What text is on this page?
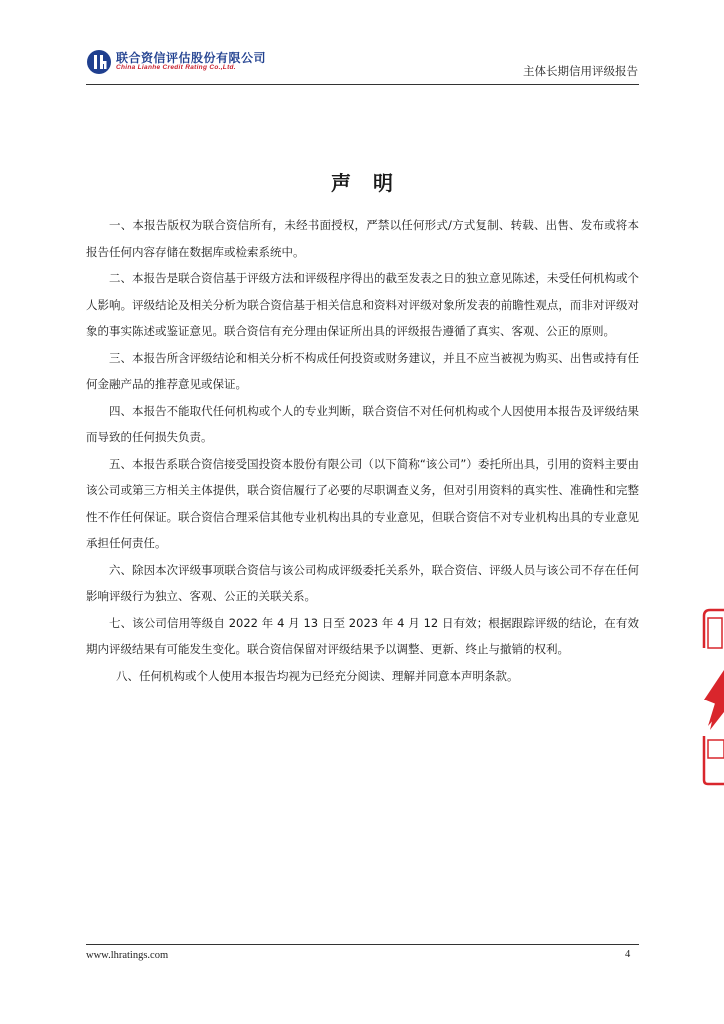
联合资信评估股份有限公司
China Lianhe Credit Rating Co.,Ltd.	主体长期信用评级报告
声明

一、本报告版权为联合资信所有，未经书面授权，严禁以任何形式/方式复制、转载、出售、发布或将本报告任何内容存储在数据库或检索系统中。

二、本报告是联合资信基于评级方法和评级程序得出的截至发表之日的独立意见陈述，未受任何机构或个人影响。评级结论及相关分析为联合资信基于相关信息和资料对评级对象所发表的前瞻性观点，而非对评级对象的事实陈述或鉴证意见。联合资信有充分理由保证所出具的评级报告遵循了真实、客观、公正的原则。

三、本报告所含评级结论和相关分析不构成任何投资或财务建议，并且不应当被视为购买、出售或持有任何金融产品的推荐意见或保证。

四、本报告不能取代任何机构或个人的专业判断，联合资信不对任何机构或个人因使用本报告及评级结果而导致的任何损失负责。

五、本报告系联合资信接受国投资本股份有限公司（以下简称“该公司”）委托所出具，引用的资料主要由该公司或第三方相关主体提供，联合资信履行了必要的尽职调查义务，但对引用资料的真实性、准确性和完整性不作任何保证。联合资信合理采信其他专业机构出具的专业意见，但联合资信不对专业机构出具的专业意见承担任何责任。

六、除因本次评级事项联合资信与该公司构成评级委托关系外，联合资信、评级人员与该公司不存在任何影响评级行为独立、客观、公正的关联关系。

七、该公司信用等级自 2022 年 4 月 13 日至 2023 年 4 月 12 日有效；根据跟踪评级的结论，在有效期内评级结果有可能发生变化。联合资信保留对评级结果予以调整、更新、终止与撤销的权利。

八、任何机构或个人使用本报告均视为已经充分阅读、理解并同意本声明条款。

www.lhratings.com	4
